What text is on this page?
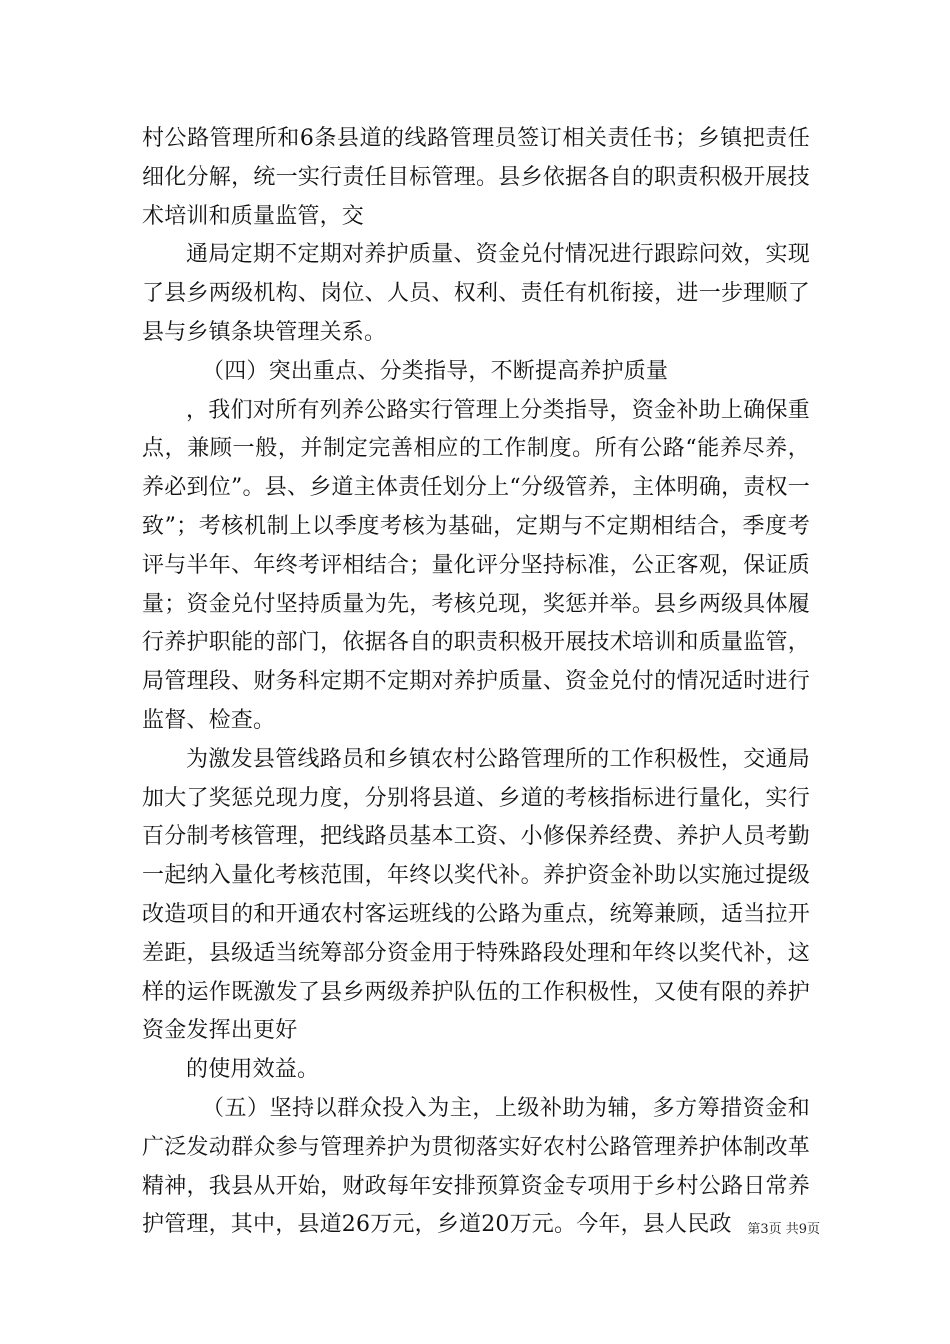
村公路管理所和6条县道的线路管理员签订相关责任书；乡镇把责任细化分解，统一实行责任目标管理。县乡依据各自的职责积极开展技术培训和质量监管，交

通局定期不定期对养护质量、资金兑付情况进行跟踪问效，实现了县乡两级机构、岗位、人员、权利、责任有机衔接，进一步理顺了县与乡镇条块管理关系。

（四）突出重点、分类指导，不断提高养护质量

，我们对所有列养公路实行管理上分类指导，资金补助上确保重点，兼顾一般，并制定完善相应的工作制度。所有公路“能养尽养，养必到位”。县、乡道主体责任划分上“分级管养，主体明确，责权一致”；考核机制上以季度考核为基础，定期与不定期相结合，季度考评与半年、年终考评相结合；量化评分坚持标准，公正客观，保证质量；资金兑付坚持质量为先，考核兑现，奖惩并举。县乡两级具体履行养护职能的部门，依据各自的职责积极开展技术培训和质量监管，局管理段、财务科定期不定期对养护质量、资金兑付的情况适时进行监督、检查。

为激发县管线路员和乡镇农村公路管理所的工作积极性，交通局加大了奖惩兑现力度，分别将县道、乡道的考核指标进行量化，实行百分制考核管理，把线路员基本工资、小修保养经费、养护人员考勤一起纳入量化考核范围，年终以奖代补。养护资金补助以实施过提级改造项目的和开通农村客运班线的公路为重点，统筹兼顾，适当拉开差距，县级适当统筹部分资金用于特殊路段处理和年终以奖代补，这样的运作既激发了县乡两级养护队伍的工作积极性，又使有限的养护资金发挥出更好

的使用效益。

（五）坚持以群众投入为主，上级补助为辅，多方筹措资金和广泛发动群众参与管理养护为贯彻落实好农村公路管理养护体制改革精神，我县从开始，财政每年安排预算资金专项用于乡村公路日常养护管理，其中，县道26万元，乡道20万元。今年，县人民政	第3页 共9页
